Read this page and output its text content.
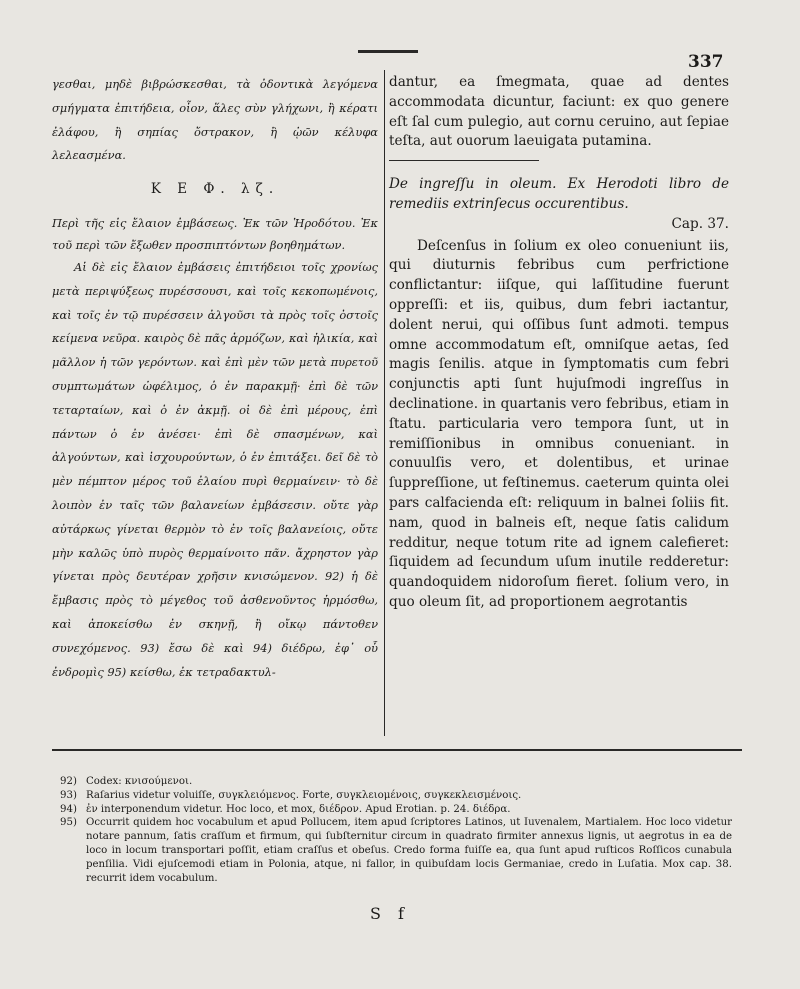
337

γεσθαι, μηδὲ βιβρώσκεσθαι, τὰ ὀδοντικὰ λεγόμενα σμήγματα ἐπιτήδεια, οἷον, ἅλες σὺν γλήχωνι, ἢ κέρατι ἐλάφου, ἢ σηπίας ὄστρακον, ἢ ᾠῶν κέλυφα λελεασμένα.

Κ Ε Φ. λζ.

Περὶ τῆς εἰς ἔλαιον ἐμβάσεως. Ἐκ τῶν Ἡροδότου. Ἐκ τοῦ περὶ τῶν ἔξωθεν προσπιπτόντων βοηθημάτων.

Αἱ δὲ εἰς ἔλαιον ἐμβάσεις ἐπιτήδειοι τοῖς χρονίως μετὰ περιψύξεως πυρέσσουσι, καὶ τοῖς κεκοπωμένοις, καὶ τοῖς ἐν τῷ πυρέσσειν ἀλγοῦσι τὰ πρὸς τοῖς ὀστοῖς κείμενα νεῦρα. καιρὸς δὲ πᾶς ἁρμόζων, καὶ ἡλικία, καὶ μᾶλλον ἡ τῶν γερόντων. καὶ ἐπὶ μὲν τῶν μετὰ πυρετοῦ συμπτωμάτων ὠφέλιμος, ὁ ἐν παρακμῇ· ἐπὶ δὲ τῶν τεταρταίων, καὶ ὁ ἐν ἀκμῇ. οἱ δὲ ἐπὶ μέρους, ἐπὶ πάντων ὁ ἐν ἀνέσει· ἐπὶ δὲ σπασμένων, καὶ ἀλγούντων, καὶ ἰσχουρούντων, ὁ ἐν ἐπιτάξει. δεῖ δὲ τὸ μὲν πέμπτον μέρος τοῦ ἐλαίου πυρὶ θερμαίνειν· τὸ δὲ λοιπὸν ἐν ταῖς τῶν βαλανείων ἐμβάσεσιν. οὔτε γὰρ αὐτάρκως γίνεται θερμὸν τὸ ἐν τοῖς βαλανείοις, οὔτε μὴν καλῶς ὑπὸ πυρὸς θερμαίνοιτο πᾶν. ἄχρηστον γὰρ γίνεται πρὸς δευτέραν χρῆσιν κνισώμενον. 92) ἡ δὲ ἔμβασις πρὸς τὸ μέγεθος τοῦ ἀσθενοῦντος ἡρμόσθω, καὶ ἀποκείσθω ἐν σκηνῇ, ἢ οἴκῳ πάντοθεν συνεχόμενος. 93) ἔσω δὲ καὶ 94) διέδρω, ἐφ᾿ οὗ ἐνδρομὶς 95) κείσθω, ἐκ τετραδακτυλ-

dantur, ea ſmegmata, quae ad dentes accommodata dicuntur, faciunt: ex quo genere eſt ſal cum pulegio, aut cornu ceruino, aut ſepiae teſta, aut ouorum laeuigata putamina.

De ingreſſu in oleum. Ex Herodoti libro de remediis extrinſecus occurentibus.

Cap. 37.

Deſcenſus in ſolium ex oleo conueniunt iis, qui diuturnis febribus cum perfrictione conflictantur: iiſque, qui laſſitudine fuerunt oppreſſi: et iis, quibus, dum febri iactantur, dolent nerui, qui oſſibus ſunt admoti. tempus omne accommodatum eſt, omniſque aetas, ſed magis ſenilis. atque in ſymptomatis cum febri conjunctis apti ſunt hujuſmodi ingreſſus in declinatione. in quartanis vero febribus, etiam in ſtatu. particularia vero tempora ſunt, ut in remiſſionibus in omnibus conueniant. in conuulſis vero, et dolentibus, et urinae ſuppreſſione, ut feſtinemus. caeterum quinta olei pars calfacienda eſt: reliquum in balnei ſoliis fit. nam, quod in balneis eſt, neque ſatis calidum redditur, neque totum rite ad ignem calefieret: ſiquidem ad ſecundum uſum inutile redderetur: quandoquidem nidoroſum fieret. ſolium vero, in quo oleum ſit, ad proportionem aegrotantis

92) Codex: κνισούμενοι.

93) Raſarius videtur voluiſſe, συγκλειόμενος. Forte, συγκλειομένοις, συγκεκλεισμένοις.

94) ἐν interponendum videtur. Hoc loco, et mox, διέδρον. Apud Erotian. p. 24. διέδρα.

95) Occurrit quidem hoc vocabulum et apud Pollucem, item apud ſcriptores Latinos, ut Iuvenalem, Martialem. Hoc loco videtur notare pannum, ſatis craſſum et firmum, qui ſubſternitur circum in quadrato firmiter annexus lignis, ut aegrotus in ea de loco in locum transportari poſſit, etiam craſſus et obeſus. Credo forma fuiſſe ea, qua ſunt apud ruſticos Roſſicos cunabula penſilia. Vidi ejuſcemodi etiam in Polonia, atque, ni fallor, in quibuſdam locis Germaniae, credo in Luſatia. Mox cap. 38. recurrit idem vocabulum.

S f
